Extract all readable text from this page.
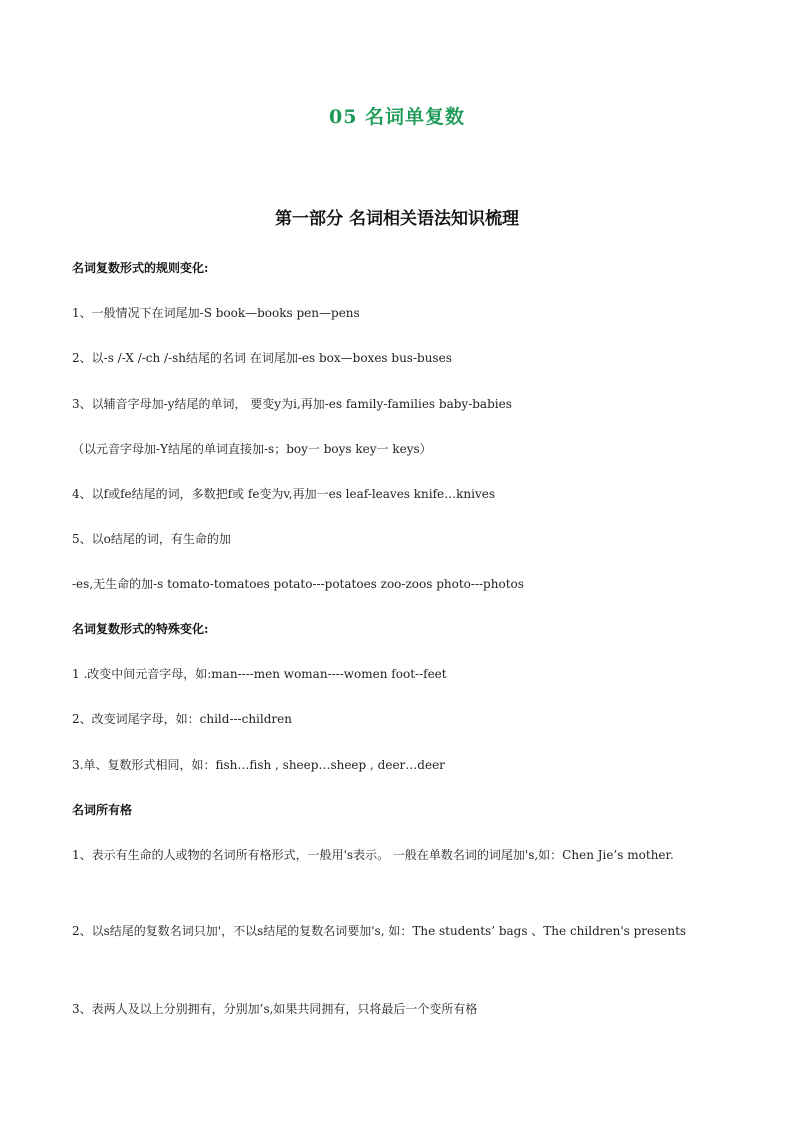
05 名词单复数
第一部分 名词相关语法知识梳理
名词复数形式的规则变化:
1、一般情况下在词尾加-S book—books pen—pens
2、以-s /-X /-ch /-sh结尾的名词 在词尾加-es box—boxes bus-buses
3、以辅音字母加-y结尾的单词， 要变y为i,再加-es family-families baby-babies
（以元音字母加-Y结尾的单词直接加-s；boy一 boys key一 keys）
4、以f或fe结尾的词，多数把f或 fe变为v,再加一es leaf-leaves knife…knives
5、以o结尾的词，有生命的加
-es,无生命的加-s tomato-tomatoes potato---potatoes zoo-zoos photo---photos
名词复数形式的特殊变化:
1 .改变中间元音字母，如:man----men woman----women foot--feet
2、改变词尾字母，如：child---children
3.单、复数形式相同，如：fish…fish , sheep…sheep , deer…deer
名词所有格
1、表示有生命的人或物的名词所有格形式，一般用's表示。 一般在单数名词的词尾加's,如：Chen Jie’s mother.
2、以s结尾的复数名词只加'，不以s结尾的复数名词要加's, 如：The students’ bags 、The children's presents
3、表两人及以上分别拥有，分别加’s,如果共同拥有，只将最后一个变所有格
